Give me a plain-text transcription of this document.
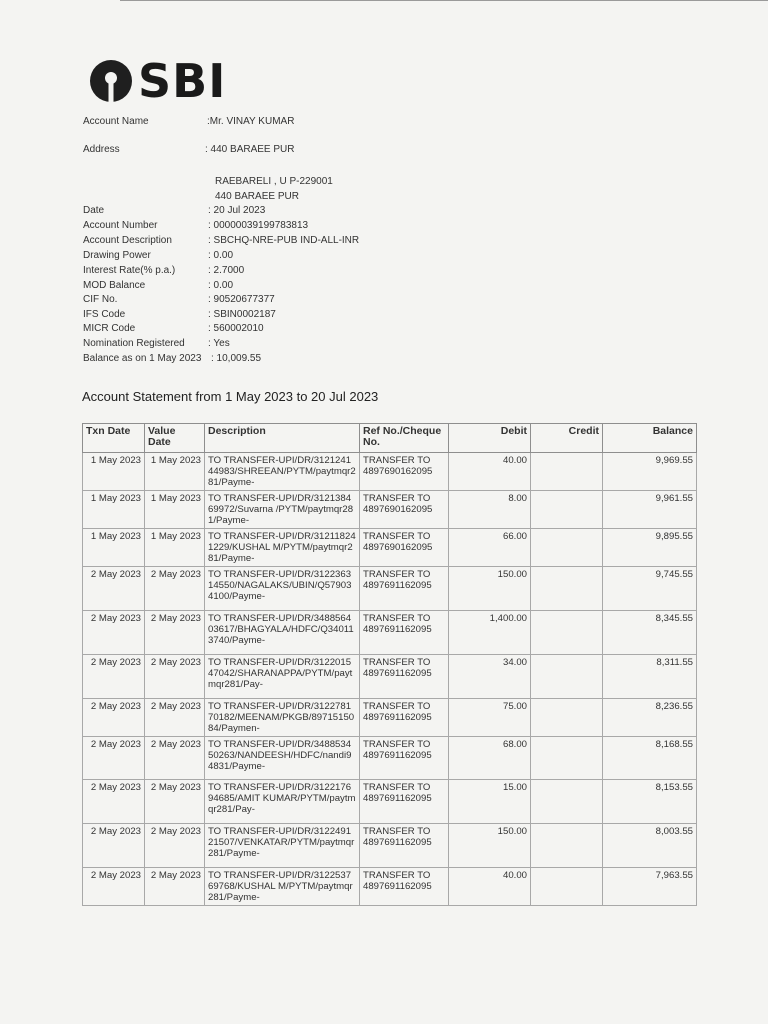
SBI
Account Name	:Mr. VINAY KUMAR
Address	: 440 BARAEE PUR
RAEBARELI , U P-229001
440 BARAEE PUR
Date	: 20 Jul 2023
Account Number	: 00000039199783813
Account Description	: SBCHQ-NRE-PUB IND-ALL-INR
Drawing Power	: 0.00
Interest Rate(% p.a.)	: 2.7000
MOD Balance	: 0.00
CIF No.	: 90520677377
IFS Code	: SBIN0002187
MICR Code	: 560002010
Nomination Registered : Yes
Balance as on 1 May 2023 : 10,009.55
Account Statement from 1 May 2023 to 20 Jul 2023
Txn Date	Value Date	Description	Ref No./Cheque No.	Debit	Credit	Balance
1 May 2023	1 May 2023	TO TRANSFER-UPI/DR/312124144983/SHREEAN/PYTM/paytmqr281/Payme-	TRANSFER TO
4897690162095	40.00		9,969.55
1 May 2023	1 May 2023	TO TRANSFER-UPI/DR/312138469972/Suvarna /PYTM/paytmqr281/Payme-	TRANSFER TO
4897690162095	8.00		9,961.55
1 May 2023	1 May 2023	TO TRANSFER-UPI/DR/312118241229/KUSHAL M/PYTM/paytmqr281/Payme-	TRANSFER TO
4897690162095	66.00		9,895.55
2 May 2023	2 May 2023	TO TRANSFER-UPI/DR/312236314550/NAGALAKS/UBIN/Q579034100/Payme-	TRANSFER TO
4897691162095	150.00		9,745.55
2 May 2023	2 May 2023	TO TRANSFER-UPI/DR/348856403617/BHAGYALA/HDFC/Q340113740/Payme-	TRANSFER TO
4897691162095	1,400.00		8,345.55
2 May 2023	2 May 2023	TO TRANSFER-UPI/DR/312201547042/SHARANAPPA/PYTM/paytmqr281/Pay-	TRANSFER TO
4897691162095	34.00		8,311.55
2 May 2023	2 May 2023	TO TRANSFER-UPI/DR/312278170182/MEENAM/PKGB/8971515084/Paymen-	TRANSFER TO
4897691162095	75.00		8,236.55
2 May 2023	2 May 2023	TO TRANSFER-UPI/DR/348853450263/NANDEESH/HDFC/nandi94831/Payme-	TRANSFER TO
4897691162095	68.00		8,168.55
2 May 2023	2 May 2023	TO TRANSFER-UPI/DR/312217694685/AMIT KUMAR/PYTM/paytmqr281/Pay-	TRANSFER TO
4897691162095	15.00		8,153.55
2 May 2023	2 May 2023	TO TRANSFER-UPI/DR/312249121507/VENKATAR/PYTM/paytmqr281/Payme-	TRANSFER TO
4897691162095	150.00		8,003.55
2 May 2023	2 May 2023	TO TRANSFER-UPI/DR/312253769768/KUSHAL M/PYTM/paytmqr281/Payme-	TRANSFER TO
4897691162095	40.00		7,963.55
